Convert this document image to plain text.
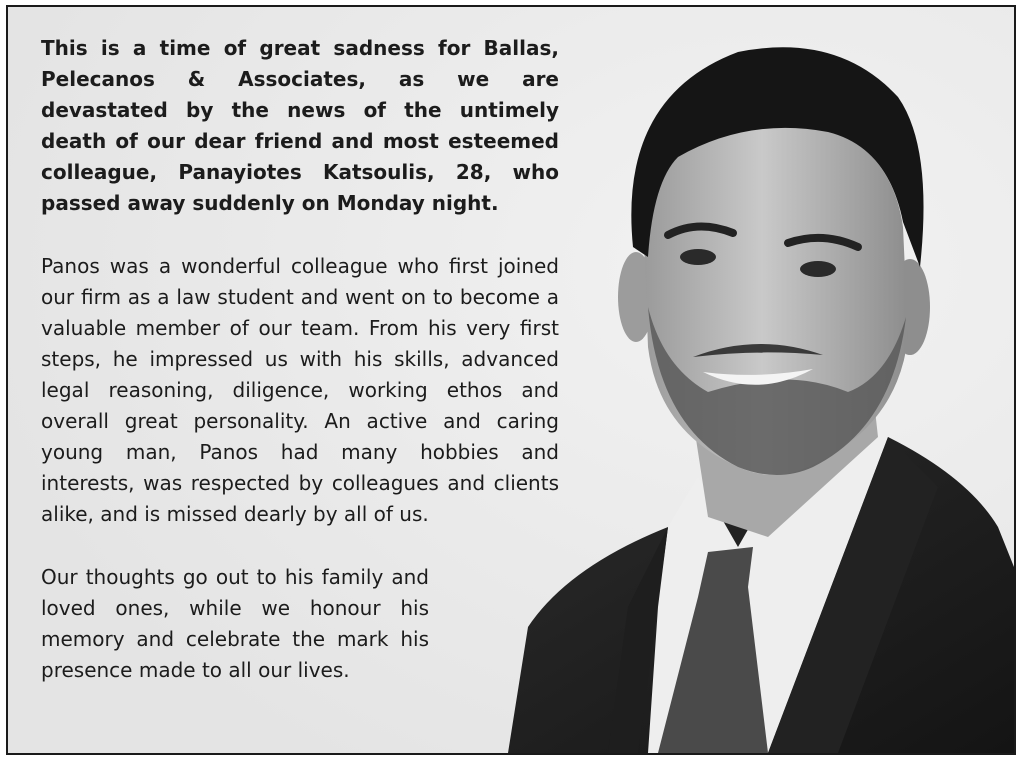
This is a time of great sadness for Ballas, Pelecanos & Associates, as we are devastated by the news of the untimely death of our dear friend and most esteemed colleague, Panayiotes Katsoulis, 28, who passed away suddenly on Monday night.

Panos was a wonderful colleague who first joined our firm as a law student and went on to become a valuable member of our team. From his very first steps, he impressed us with his skills, advanced legal reasoning, diligence, working ethos and overall great personality. An active and caring young man, Panos had many hobbies and interests, was respected by colleagues and clients alike, and is missed dearly by all of us.

Our thoughts go out to his family and loved ones, while we honour his memory and celebrate the mark his presence made to all our lives.
